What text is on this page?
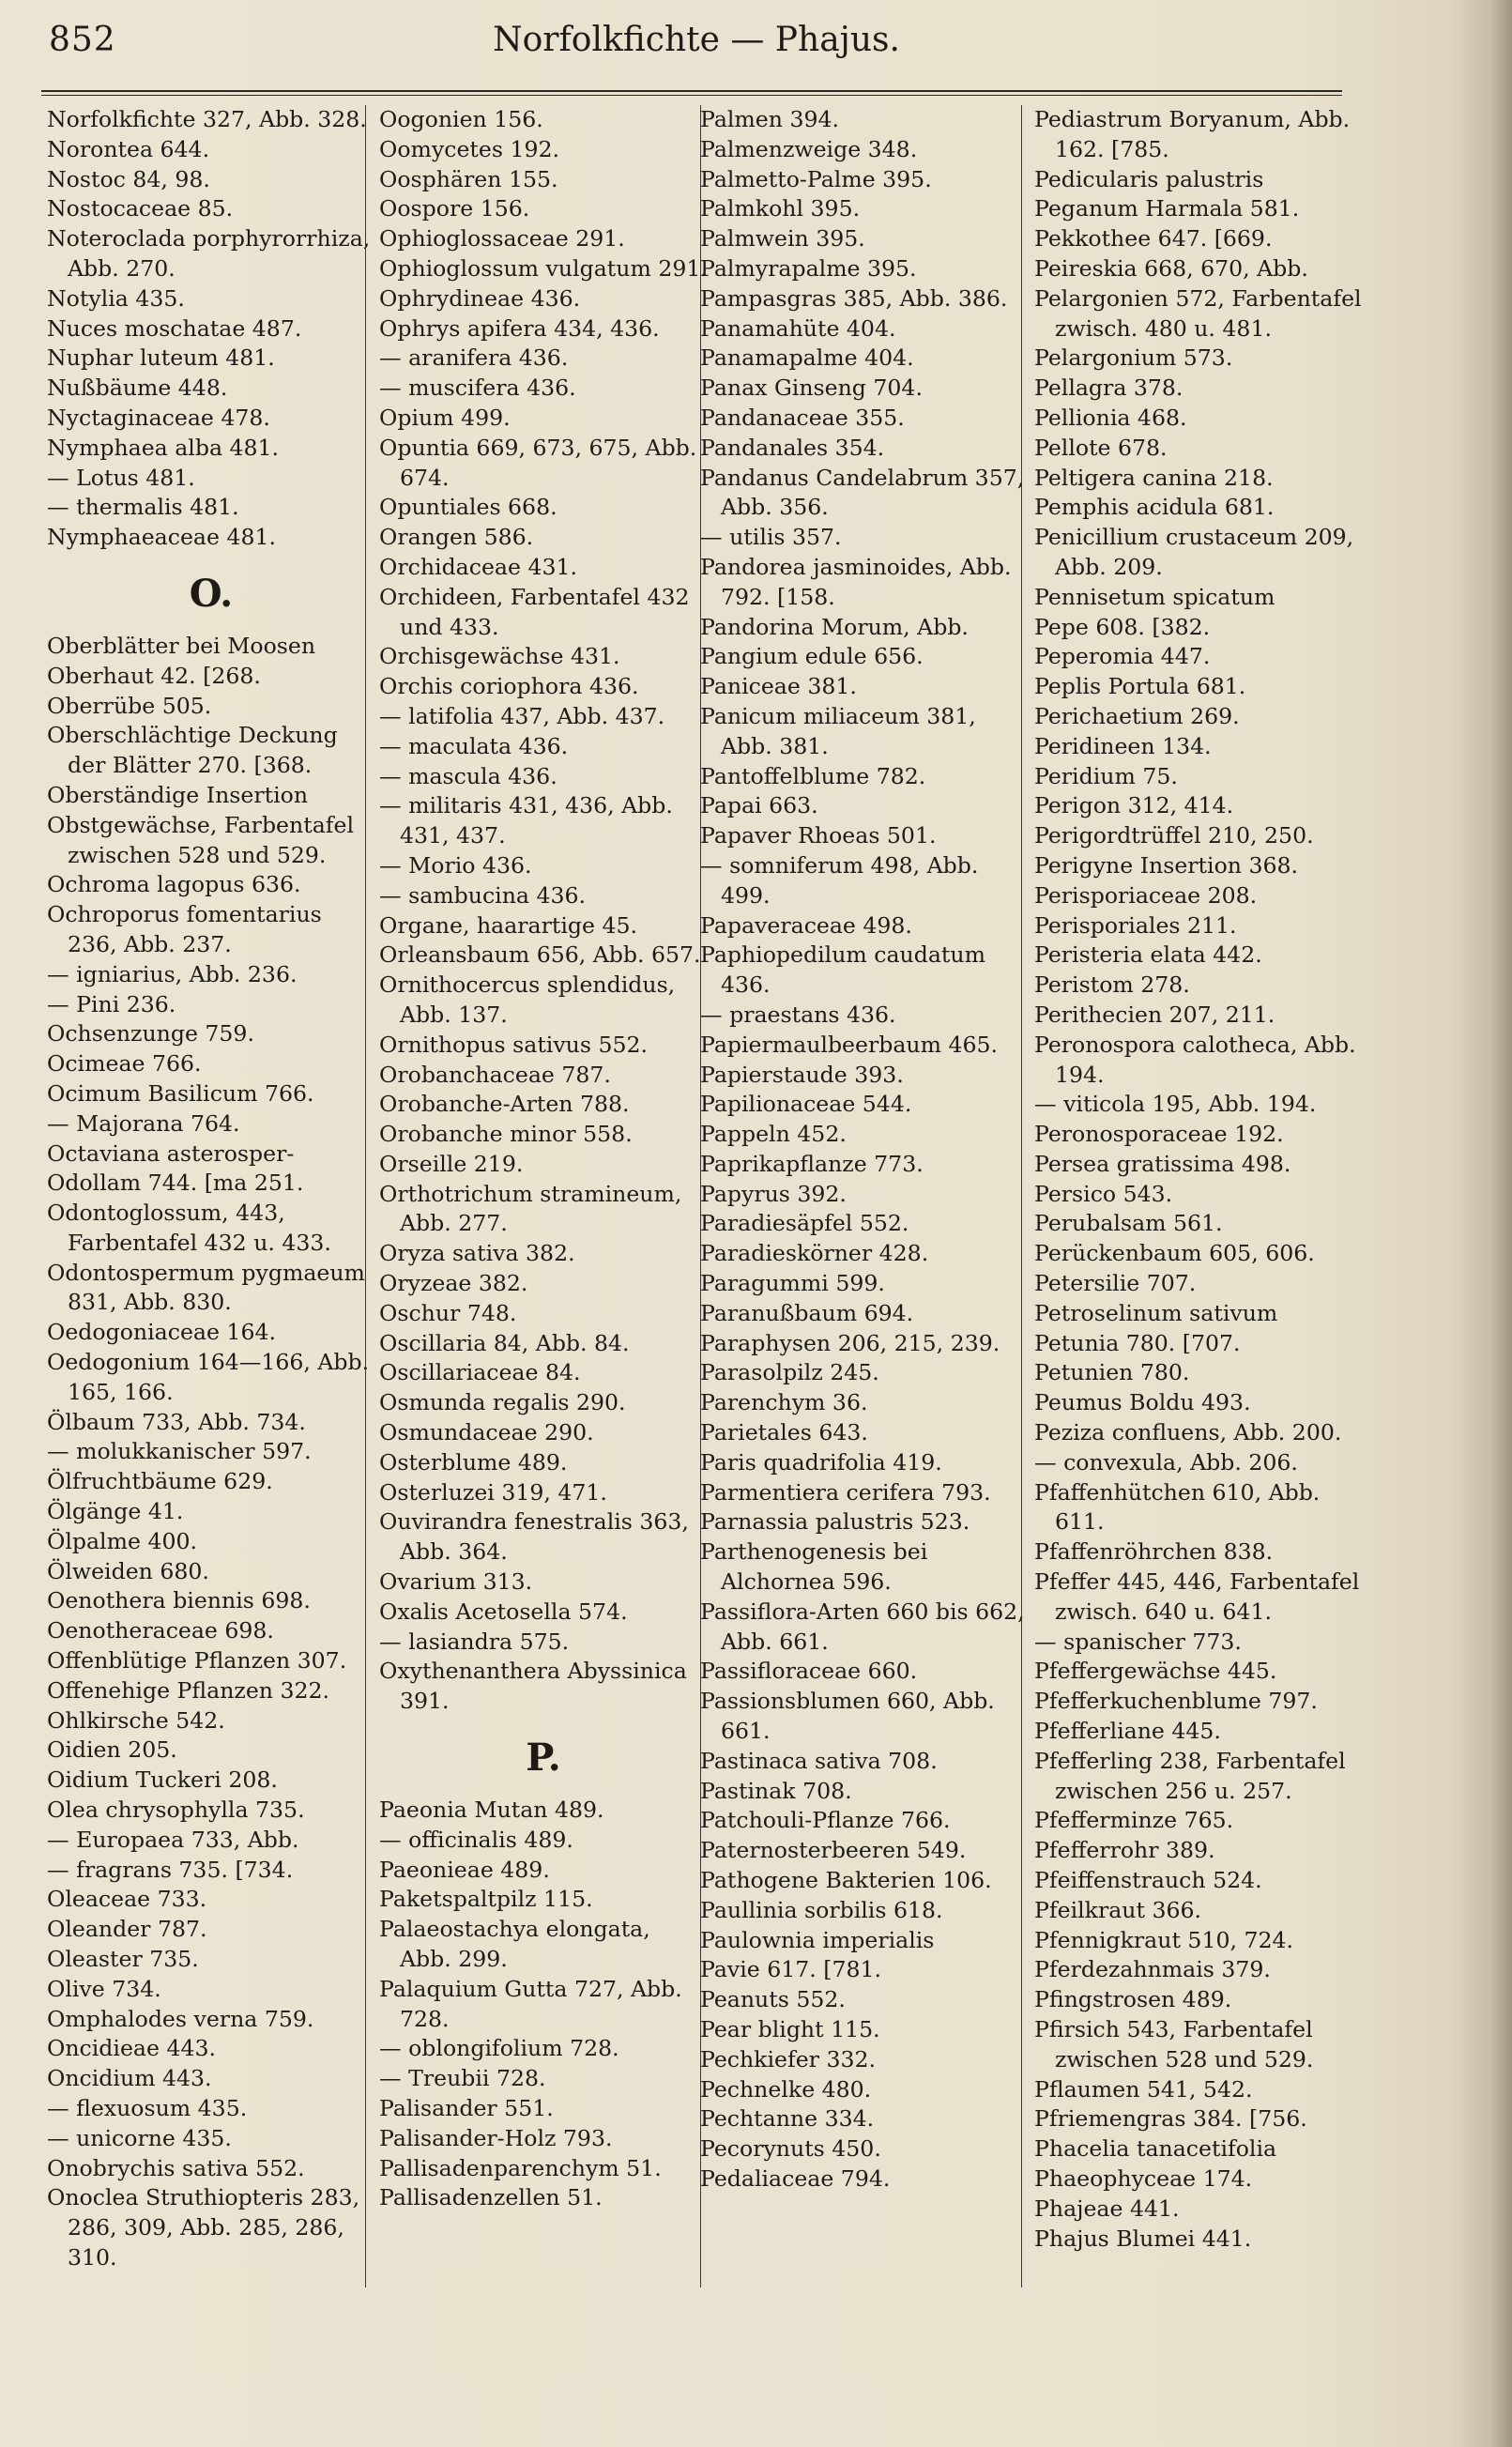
852	Norfolkfichte — Phajus.
Norfolkfichte 327, Abb. 328.
Norontea 644.
Nostoc 84, 98.
Nostocaceae 85.
Noteroclada porphyrorrhiza, Abb. 270.
Notylia 435.
Nuces moschatae 487.
Nuphar luteum 481.
Nußbäume 448.
Nyctaginaceae 478.
Nymphaea alba 481.
— Lotus 481.
— thermalis 481.
Nymphaeaceae 481.
O.
Oberblätter bei Moosen
Oberhaut 42. [268.
Oberrübe 505.
Oberschlächtige Deckung der Blätter 270. [368.
Oberständige Insertion
Obstgewächse, Farbentafel zwischen 528 und 529.
Ochroma lagopus 636.
Ochroporus fomentarius 236, Abb. 237.
— igniarius, Abb. 236.
— Pini 236.
Ochsenzunge 759.
Ocimeae 766.
Ocimum Basilicum 766.
— Majorana 764.
Octaviana asterosper-
Odollam 744. [ma 251.
Odontoglossum, 443, Farbentafel 432 u. 433.
Odontospermum pygmaeum 831, Abb. 830.
Oedogoniaceae 164.
Oedogonium 164—166, Abb. 165, 166.
Ölbaum 733, Abb. 734.
— molukkanischer 597.
Ölfruchtbäume 629.
Ölgänge 41.
Ölpalme 400.
Ölweiden 680.
Oenothera biennis 698.
Oenotheraceae 698.
Offenblütige Pflanzen 307.
Offenehige Pflanzen 322.
Ohlkirsche 542.
Oidien 205.
Oidium Tuckeri 208.
Olea chrysophylla 735.
— Europaea 733, Abb.
— fragrans 735. [734.
Oleaceae 733.
Oleander 787.
Oleaster 735.
Olive 734.
Omphalodes verna 759.
Oncidieae 443.
Oncidium 443.
— flexuosum 435.
— unicorne 435.
Onobrychis sativa 552.
Onoclea Struthiopteris 283, 286, 309, Abb. 285, 286, 310.
Oogonien 156.
Oomycetes 192.
Oosphären 155.
Oospore 156.
Ophioglossaceae 291.
Ophioglossum vulgatum 291.
Ophrydineae 436.
Ophrys apifera 434, 436.
— aranifera 436.
— muscifera 436.
Opium 499.
Opuntia 669, 673, 675, Abb. 674.
Opuntiales 668.
Orangen 586.
Orchidaceae 431.
Orchideen, Farbentafel 432 und 433.
Orchisgewächse 431.
Orchis coriophora 436.
— latifolia 437, Abb. 437.
— maculata 436.
— mascula 436.
— militaris 431, 436, Abb. 431, 437.
— Morio 436.
— sambucina 436.
Organe, haarartige 45.
Orleansbaum 656, Abb. 657.
Ornithocercus splendidus, Abb. 137.
Ornithopus sativus 552.
Orobanchaceae 787.
Orobanche-Arten 788.
Orobanche minor 558.
Orseille 219.
Orthotrichum stramineum, Abb. 277.
Oryza sativa 382.
Oryzeae 382.
Oschur 748.
Oscillaria 84, Abb. 84.
Oscillariaceae 84.
Osmunda regalis 290.
Osmundaceae 290.
Osterblume 489.
Osterluzei 319, 471.
Ouvirandra fenestralis 363, Abb. 364.
Ovarium 313.
Oxalis Acetosella 574.
— lasiandra 575.
Oxythenanthera Abyssinica 391.
P.
Paeonia Mutan 489.
— officinalis 489.
Paeonieae 489.
Paketspaltpilz 115.
Palaeostachya elongata, Abb. 299.
Palaquium Gutta 727, Abb. 728.
— oblongifolium 728.
— Treubii 728.
Palisander 551.
Palisander-Holz 793.
Pallisadenparenchym 51.
Pallisadenzellen 51.
Palmen 394.
Palmenzweige 348.
Palmetto-Palme 395.
Palmkohl 395.
Palmwein 395.
Palmyrapalme 395.
Pampasgras 385, Abb. 386.
Panamahüte 404.
Panamapalme 404.
Panax Ginseng 704.
Pandanaceae 355.
Pandanales 354.
Pandanus Candelabrum 357, Abb. 356.
— utilis 357.
Pandorea jasminoides, Abb. 792. [158.
Pandorina Morum, Abb.
Pangium edule 656.
Paniceae 381.
Panicum miliaceum 381, Abb. 381.
Pantoffelblume 782.
Papai 663.
Papaver Rhoeas 501.
— somniferum 498, Abb. 499.
Papaveraceae 498.
Paphiopedilum caudatum 436.
— praestans 436.
Papiermaulbeerbaum 465.
Papierstaude 393.
Papilionaceae 544.
Pappeln 452.
Paprikapflanze 773.
Papyrus 392.
Paradiesäpfel 552.
Paradieskörner 428.
Paragummi 599.
Paranußbaum 694.
Paraphysen 206, 215, 239.
Parasolpilz 245.
Parenchym 36.
Parietales 643.
Paris quadrifolia 419.
Parmentiera cerifera 793.
Parnassia palustris 523.
Parthenogenesis bei Alchornea 596.
Passiflora-Arten 660 bis 662, Abb. 661.
Passifloraceae 660.
Passionsblumen 660, Abb. 661.
Pastinaca sativa 708.
Pastinak 708.
Patchouli-Pflanze 766.
Paternosterbeeren 549.
Pathogene Bakterien 106.
Paullinia sorbilis 618.
Paulownia imperialis
Pavie 617. [781.
Peanuts 552.
Pear blight 115.
Pechkiefer 332.
Pechnelke 480.
Pechtanne 334.
Pecorynuts 450.
Pedaliaceae 794.
Pediastrum Boryanum, Abb. 162. [785.
Pedicularis palustris
Peganum Harmala 581.
Pekkothee 647. [669.
Peireskia 668, 670, Abb.
Pelargonien 572, Farbentafel zwisch. 480 u. 481.
Pelargonium 573.
Pellagra 378.
Pellionia 468.
Pellote 678.
Peltigera canina 218.
Pemphis acidula 681.
Penicillium crustaceum 209, Abb. 209.
Pennisetum spicatum
Pepe 608. [382.
Peperomia 447.
Peplis Portula 681.
Perichaetium 269.
Peridineen 134.
Peridium 75.
Perigon 312, 414.
Perigordtrüffel 210, 250.
Perigyne Insertion 368.
Perisporiaceae 208.
Perisporiales 211.
Peristeria elata 442.
Peristom 278.
Perithecien 207, 211.
Peronospora calotheca, Abb. 194.
— viticola 195, Abb. 194.
Peronosporaceae 192.
Persea gratissima 498.
Persico 543.
Perubalsam 561.
Perückenbaum 605, 606.
Petersilie 707.
Petroselinum sativum
Petunia 780. [707.
Petunien 780.
Peumus Boldu 493.
Peziza confluens, Abb. 200.
— convexula, Abb. 206.
Pfaffenhütchen 610, Abb. 611.
Pfaffenröhrchen 838.
Pfeffer 445, 446, Farbentafel zwisch. 640 u. 641.
— spanischer 773.
Pfeffergewächse 445.
Pfefferkuchenblume 797.
Pfefferliane 445.
Pfefferling 238, Farbentafel zwischen 256 u. 257.
Pfefferminze 765.
Pfefferrohr 389.
Pfeiffenstrauch 524.
Pfeilkraut 366.
Pfennigkraut 510, 724.
Pferdezahnmais 379.
Pfingstrosen 489.
Pfirsich 543, Farbentafel zwischen 528 und 529.
Pflaumen 541, 542.
Pfriemengras 384. [756.
Phacelia tanacetifolia
Phaeophyceae 174.
Phajeae 441.
Phajus Blumei 441.
